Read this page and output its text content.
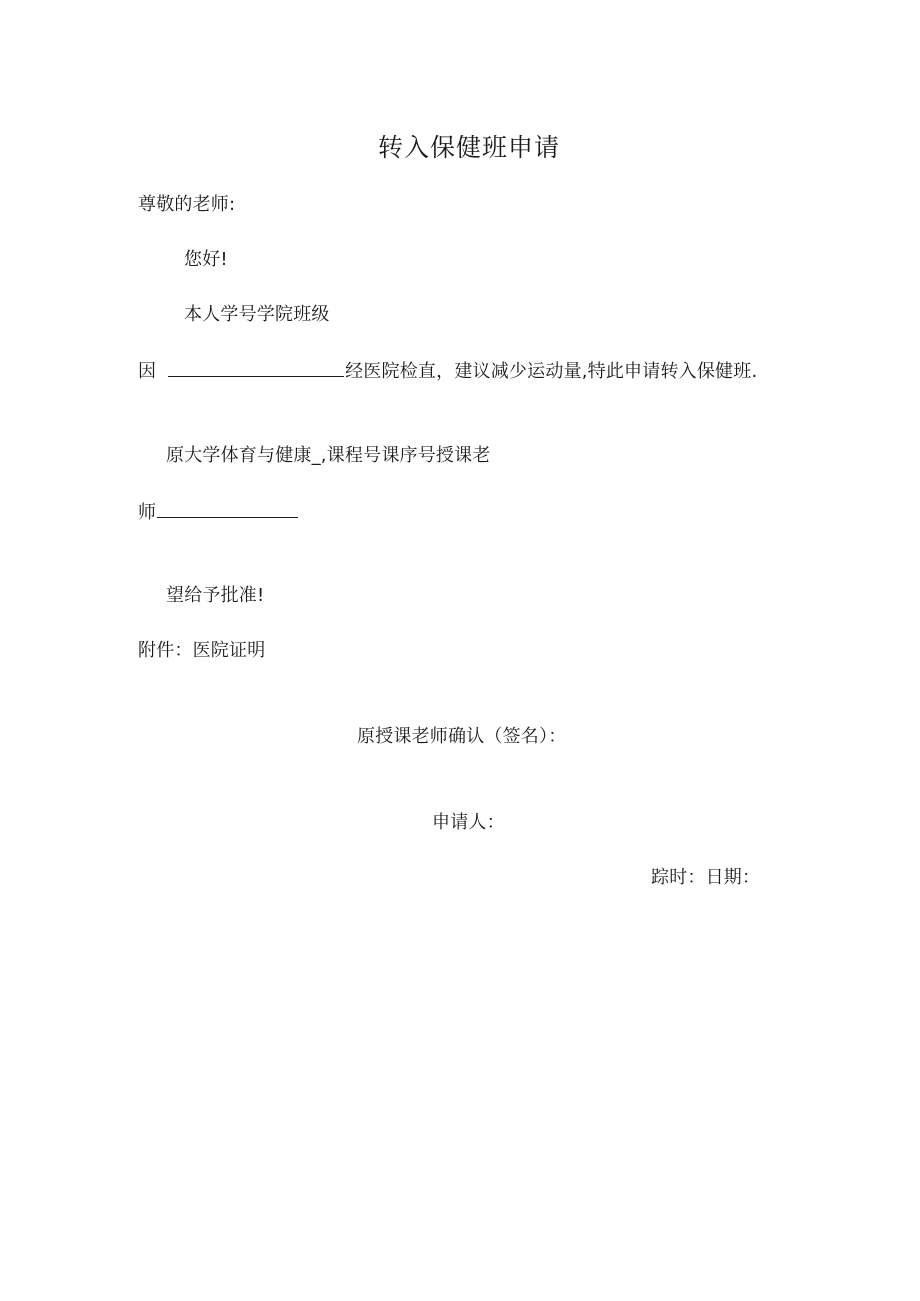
转入保健班申请
尊敬的老师:
您好!
本人学号学院班级
因	经医院检直，建议减少运动量,特此申请转入保健班.
原大学体育与健康_,课程号课序号授课老
师
望给予批准!
附件：医院证明
原授课老师确认（签名）：
申请人：
踪时：日期：
